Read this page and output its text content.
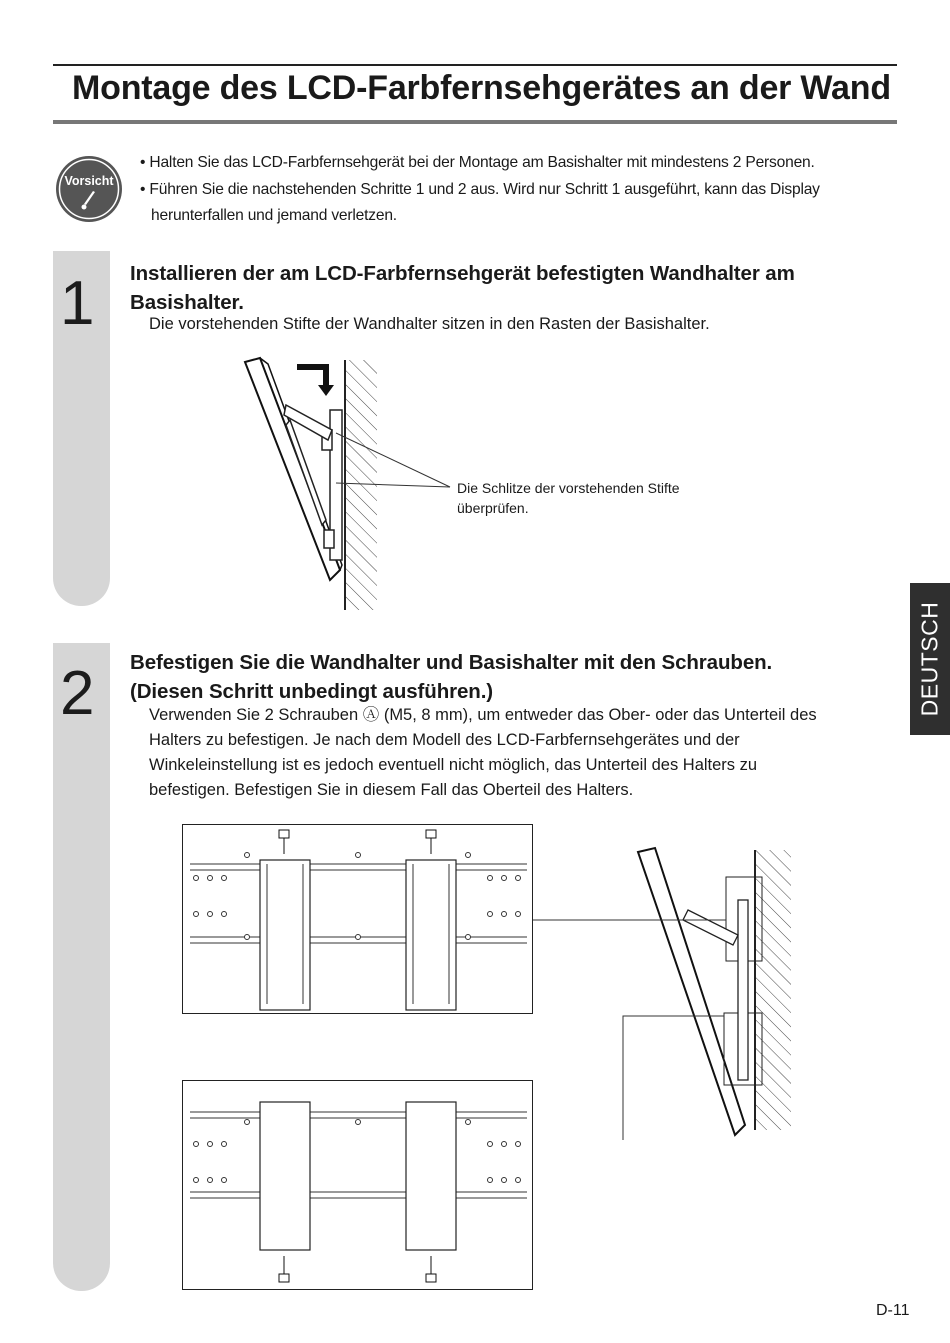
Montage des LCD-Farbfernsehgerätes an der Wand
Vorsicht
• Halten Sie das LCD-Farbfernsehgerät bei der Montage am Basishalter mit mindestens 2 Personen.
• Führen Sie die nachstehenden Schritte 1 und 2 aus. Wird nur Schritt 1 ausgeführt, kann das Display
herunterfallen und jemand verletzen.
1 Installieren der am LCD-Farbfernsehgerät befestigten Wandhalter am
Basishalter.
Die vorstehenden Stifte der Wandhalter sitzen in den Rasten der Basishalter.
Die Schlitze der vorstehenden Stifte
überprüfen.
2 Befestigen Sie die Wandhalter und Basishalter mit den Schrauben.
(Diesen Schritt unbedingt ausführen.)
Verwenden Sie 2 Schrauben Ⓐ (M5, 8 mm), um entweder das Ober- oder das Unterteil des
Halters zu befestigen. Je nach dem Modell des LCD-Farbfernsehgerätes und der
Winkeleinstellung ist es jedoch eventuell nicht möglich, das Unterteil des Halters zu
befestigen. Befestigen Sie in diesem Fall das Oberteil des Halters.
DEUTSCH
D-11
